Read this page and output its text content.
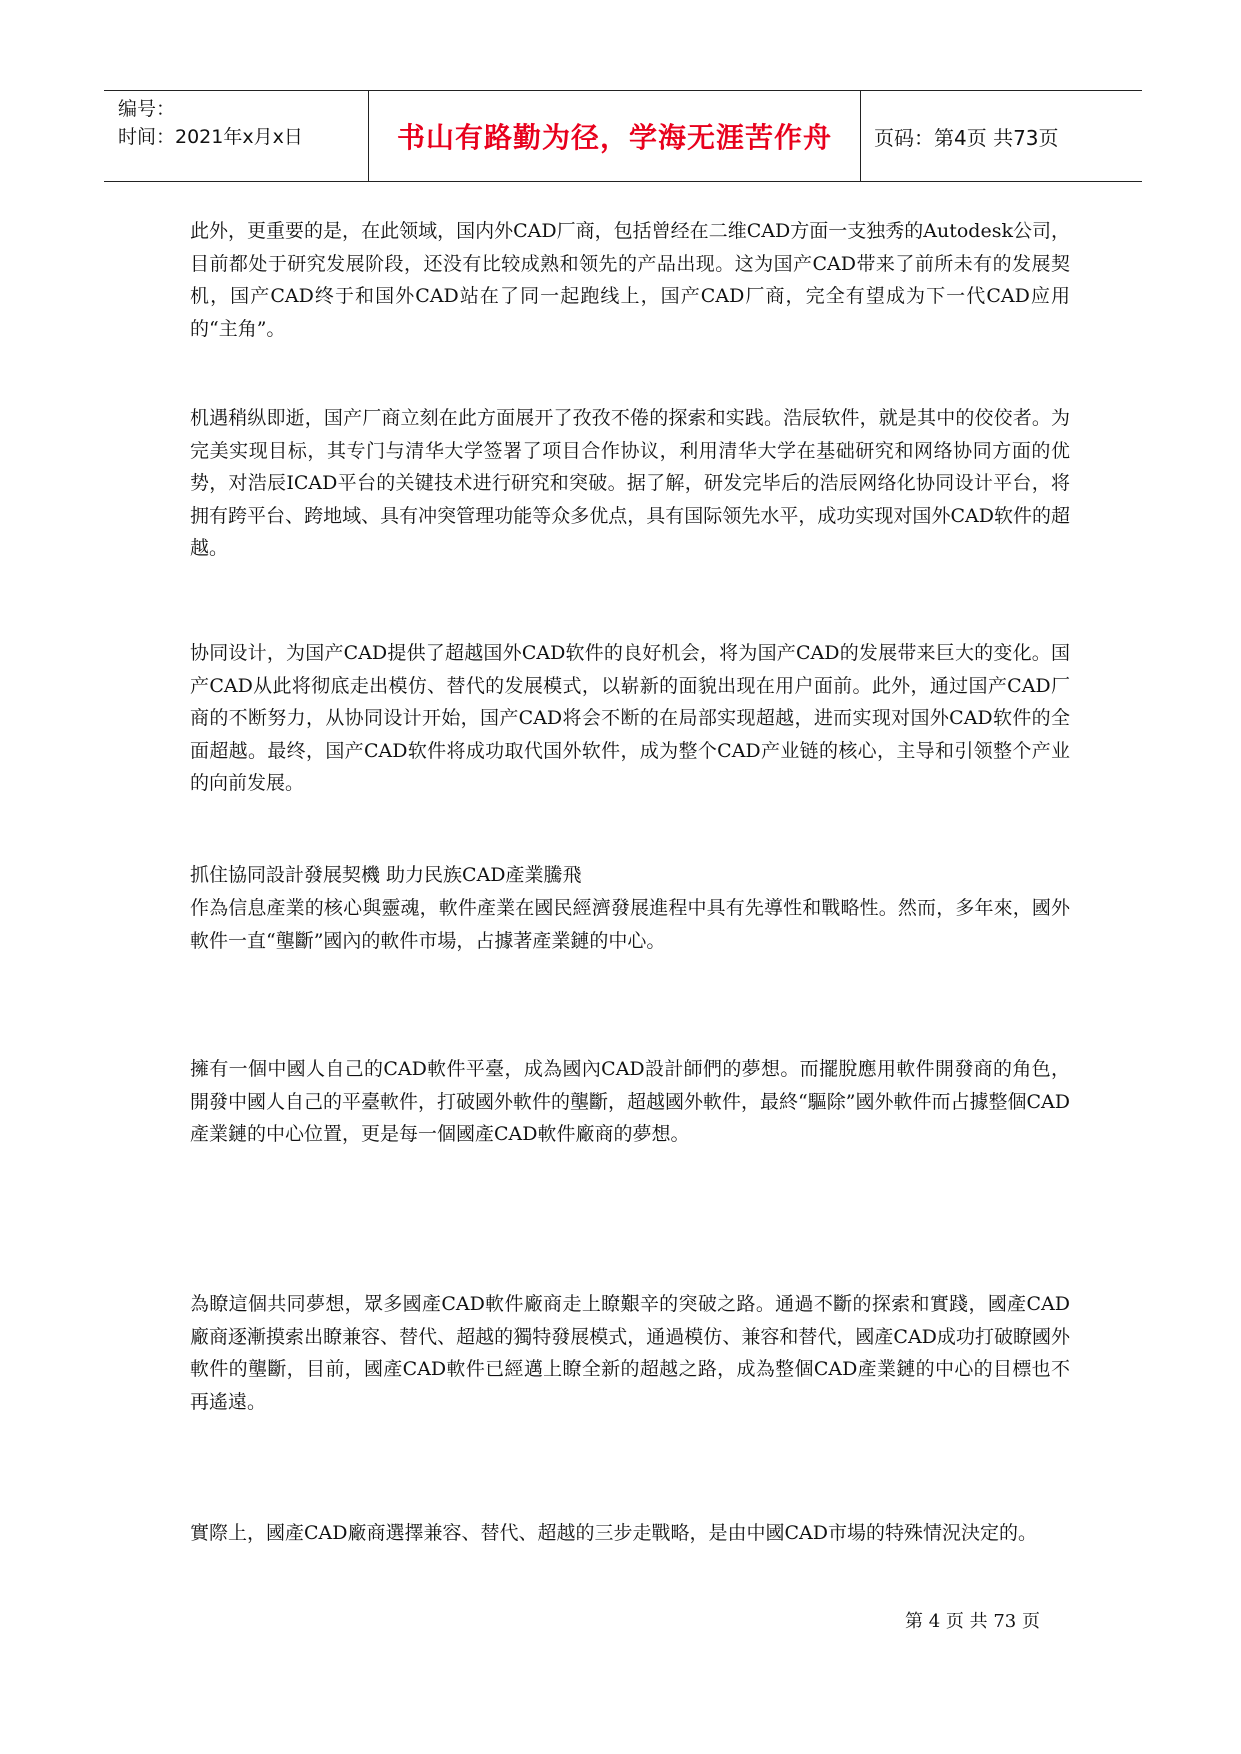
编号：
时间：2021年x月x日	书山有路勤为径，学海无涯苦作舟	页码：第4页 共73页

此外，更重要的是，在此领域，国内外CAD厂商，包括曾经在二维CAD方面一支独秀的Autodesk公司，目前都处于研究发展阶段，还没有比较成熟和领先的产品出现。这为国产CAD带来了前所未有的发展契机，国产CAD终于和国外CAD站在了同一起跑线上，国产CAD厂商，完全有望成为下一代CAD应用的“主角”。

机遇稍纵即逝，国产厂商立刻在此方面展开了孜孜不倦的探索和实践。浩辰软件，就是其中的佼佼者。为完美实现目标，其专门与清华大学签署了项目合作协议，利用清华大学在基础研究和网络协同方面的优势，对浩辰ICAD平台的关键技术进行研究和突破。据了解，研发完毕后的浩辰网络化协同设计平台，将拥有跨平台、跨地域、具有冲突管理功能等众多优点，具有国际领先水平，成功实现对国外CAD软件的超越。

协同设计，为国产CAD提供了超越国外CAD软件的良好机会，将为国产CAD的发展带来巨大的变化。国产CAD从此将彻底走出模仿、替代的发展模式，以崭新的面貌出现在用户面前。此外，通过国产CAD厂商的不断努力，从协同设计开始，国产CAD将会不断的在局部实现超越，进而实现对国外CAD软件的全面超越。最终，国产CAD软件将成功取代国外软件，成为整个CAD产业链的核心，主导和引领整个产业的向前发展。

抓住協同設計發展契機 助力民族CAD產業騰飛

作為信息產業的核心與靈魂，軟件產業在國民經濟發展進程中具有先導性和戰略性。然而，多年來，國外軟件一直“壟斷”國內的軟件市場，占據著產業鏈的中心。

擁有一個中國人自己的CAD軟件平臺，成為國內CAD設計師們的夢想。而擺脫應用軟件開發商的角色，開發中國人自己的平臺軟件，打破國外軟件的壟斷，超越國外軟件，最終“驅除”國外軟件而占據整個CAD產業鏈的中心位置，更是每一個國產CAD軟件廠商的夢想。

為瞭這個共同夢想，眾多國產CAD軟件廠商走上瞭艱辛的突破之路。通過不斷的探索和實踐，國產CAD廠商逐漸摸索出瞭兼容、替代、超越的獨特發展模式，通過模仿、兼容和替代，國產CAD成功打破瞭國外軟件的壟斷，目前，國產CAD軟件已經邁上瞭全新的超越之路，成為整個CAD產業鏈的中心的目標也不再遙遠。

實際上，國產CAD廠商選擇兼容、替代、超越的三步走戰略，是由中國CAD市場的特殊情況決定的。

第 4 页 共 73 页
